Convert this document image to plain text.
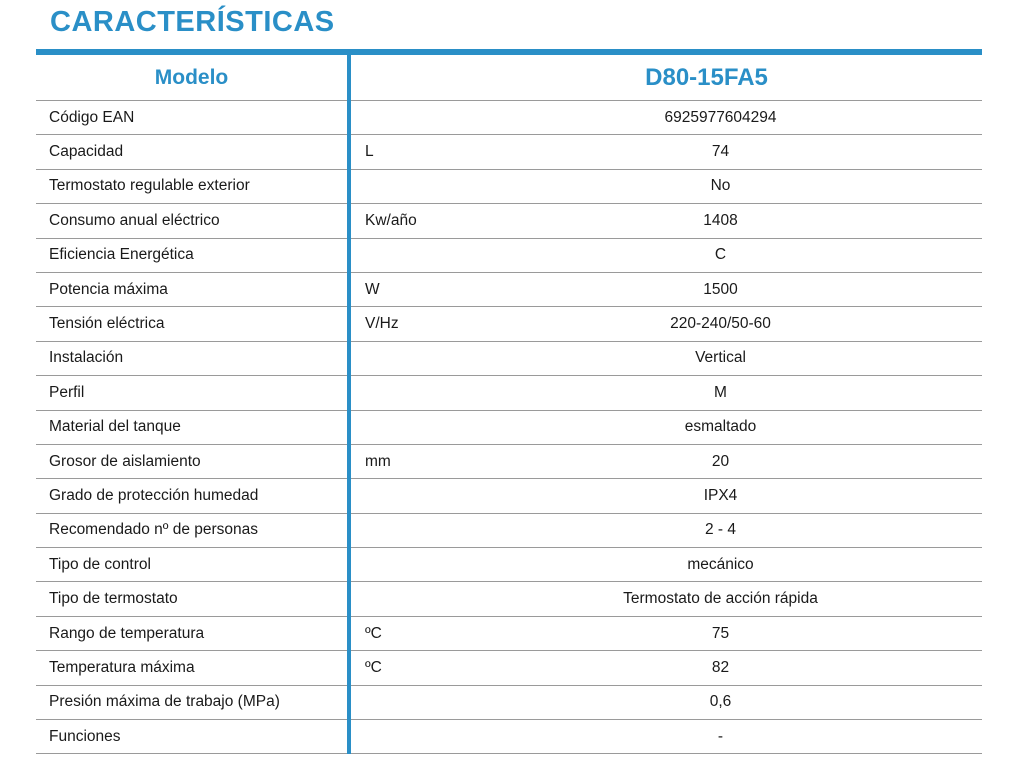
CARACTERÍSTICAS
Modelo	D80-15FA5	
Código EAN		6925977604294
Capacidad	L	74
Termostato regulable exterior		No
Consumo anual eléctrico	Kw/año	1408
Eficiencia Energética		C
Potencia máxima	W	1500
Tensión eléctrica	V/Hz	220-240/50-60
Instalación		Vertical
Perfil		M
Material del tanque		esmaltado
Grosor de aislamiento	mm	20
Grado de protección humedad		IPX4
Recomendado nº de personas		2 - 4
Tipo de control		mecánico
Tipo de termostato		Termostato de acción rápida
Rango de temperatura	ºC	75
Temperatura máxima	ºC	82
Presión máxima de trabajo (MPa)		0,6
Funciones		-
